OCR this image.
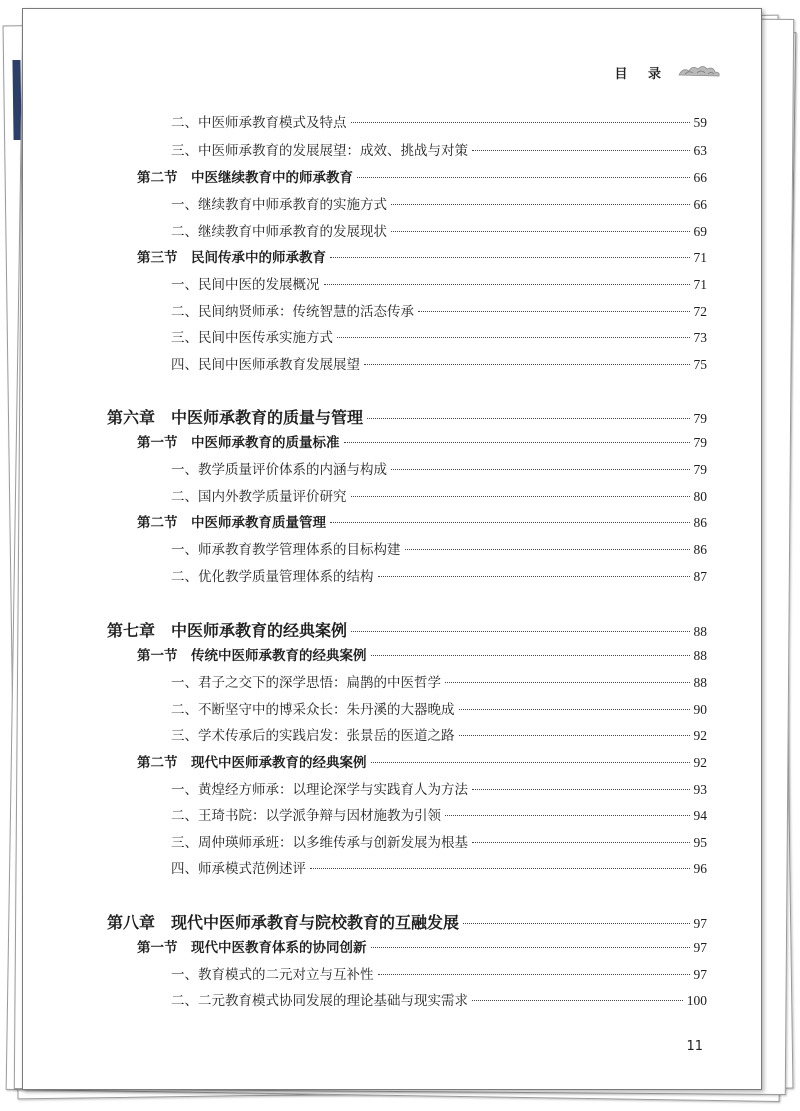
目 录
二、中医师承教育模式及特点	59
三、中医师承教育的发展展望：成效、挑战与对策	63
第二节　中医继续教育中的师承教育	66
一、继续教育中师承教育的实施方式	66
二、继续教育中师承教育的发展现状	69
第三节　民间传承中的师承教育	71
一、民间中医的发展概况	71
二、民间纳贤师承：传统智慧的活态传承	72
三、民间中医传承实施方式	73
四、民间中医师承教育发展展望	75
第六章　中医师承教育的质量与管理	79
第一节　中医师承教育的质量标准	79
一、教学质量评价体系的内涵与构成	79
二、国内外教学质量评价研究	80
第二节　中医师承教育质量管理	86
一、师承教育教学管理体系的目标构建	86
二、优化教学质量管理体系的结构	87
第七章　中医师承教育的经典案例	88
第一节　传统中医师承教育的经典案例	88
一、君子之交下的深学思悟：扁鹊的中医哲学	88
二、不断坚守中的博采众长：朱丹溪的大器晚成	90
三、学术传承后的实践启发：张景岳的医道之路	92
第二节　现代中医师承教育的经典案例	92
一、黄煌经方师承：以理论深学与实践育人为方法	93
二、王琦书院：以学派争辩与因材施教为引领	94
三、周仲瑛师承班：以多维传承与创新发展为根基	95
四、师承模式范例述评	96
第八章　现代中医师承教育与院校教育的互融发展	97
第一节　现代中医教育体系的协同创新	97
一、教育模式的二元对立与互补性	97
二、二元教育模式协同发展的理论基础与现实需求	100
11
